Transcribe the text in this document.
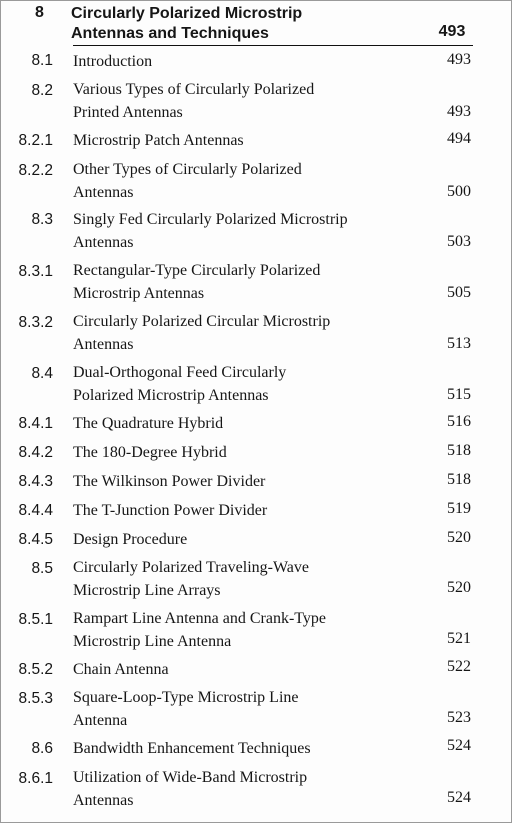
8 Circularly Polarized Microstrip
Antennas and Techniques	493
8.1 Introduction	493
8.2 Various Types of Circularly Polarized
Printed Antennas	493
8.2.1 Microstrip Patch Antennas	494
8.2.2 Other Types of Circularly Polarized
Antennas	500
8.3 Singly Fed Circularly Polarized Microstrip
Antennas	503
8.3.1 Rectangular-Type Circularly Polarized
Microstrip Antennas	505
8.3.2 Circularly Polarized Circular Microstrip
Antennas	513
8.4 Dual-Orthogonal Feed Circularly
Polarized Microstrip Antennas	515
8.4.1 The Quadrature Hybrid	516
8.4.2 The 180-Degree Hybrid	518
8.4.3 The Wilkinson Power Divider	518
8.4.4 The T-Junction Power Divider	519
8.4.5 Design Procedure	520
8.5 Circularly Polarized Traveling-Wave
Microstrip Line Arrays	520
8.5.1 Rampart Line Antenna and Crank-Type
Microstrip Line Antenna	521
8.5.2 Chain Antenna	522
8.5.3 Square-Loop-Type Microstrip Line
Antenna	523
8.6 Bandwidth Enhancement Techniques	524
8.6.1 Utilization of Wide-Band Microstrip
Antennas	524
